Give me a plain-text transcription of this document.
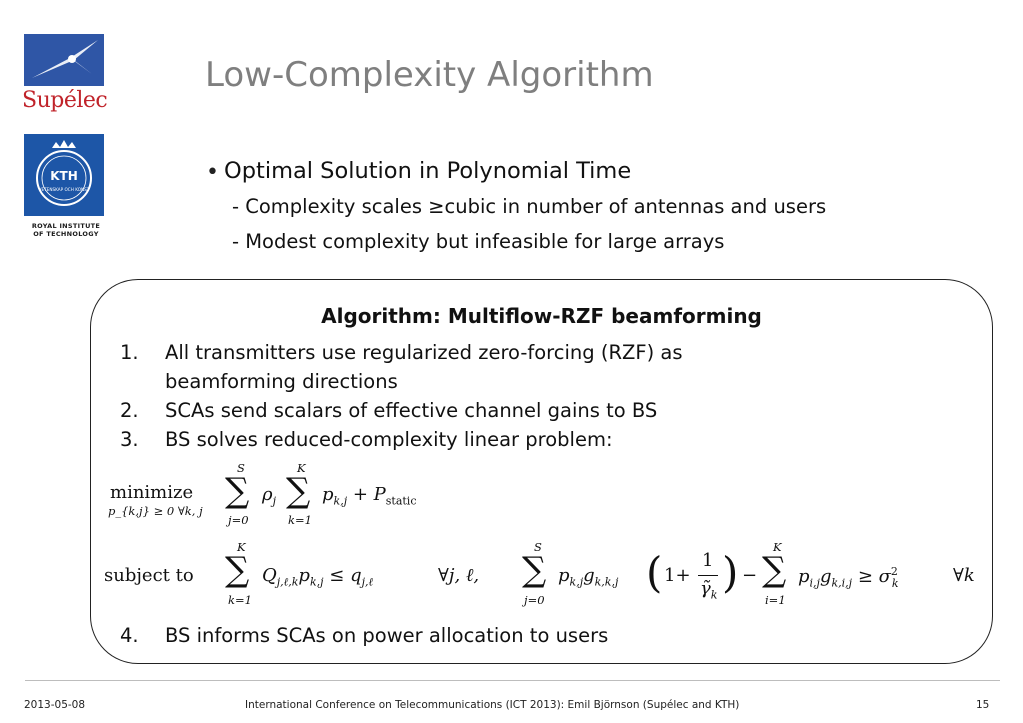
Supélec
KTH
VETENSKAP OCH KONST
ROYAL INSTITUTE
OF TECHNOLOGY
Low-Complexity Algorithm
• Optimal Solution in Polynomial Time
- Complexity scales ≥cubic in number of antennas and users
- Modest complexity but infeasible for large arrays
Algorithm: Multiflow-RZF beamforming
1. All transmitters use regularized zero-forcing (RZF) as
beamforming directions
2. SCAs send scalars of effective channel gains to BS
3. BS solves reduced-complexity linear problem:
minimize
p_{k,j} ≥ 0 ∀k, j
S
∑
j=0
$\rho_j$
K
∑
k=1
$p_{k,j} + P_{static}$
subject to
K
∑
k=1
$Q_{j,\ell,k}p_{k,j} \le q_{j,\ell}$	∀j, ℓ,
S
∑
j=0
$p_{k,j}g_{k,k,j}$ ( 1+
1
$\gammã_k$ ) −
K
∑
i=1
$p_{i,j}g_{k,i,j} \ge \sigma^2_k$	∀k
4. BS informs SCAs on power allocation to users
2013-05-08	International Conference on Telecommunications (ICT 2013): Emil Björnson (Supélec and KTH)	15
